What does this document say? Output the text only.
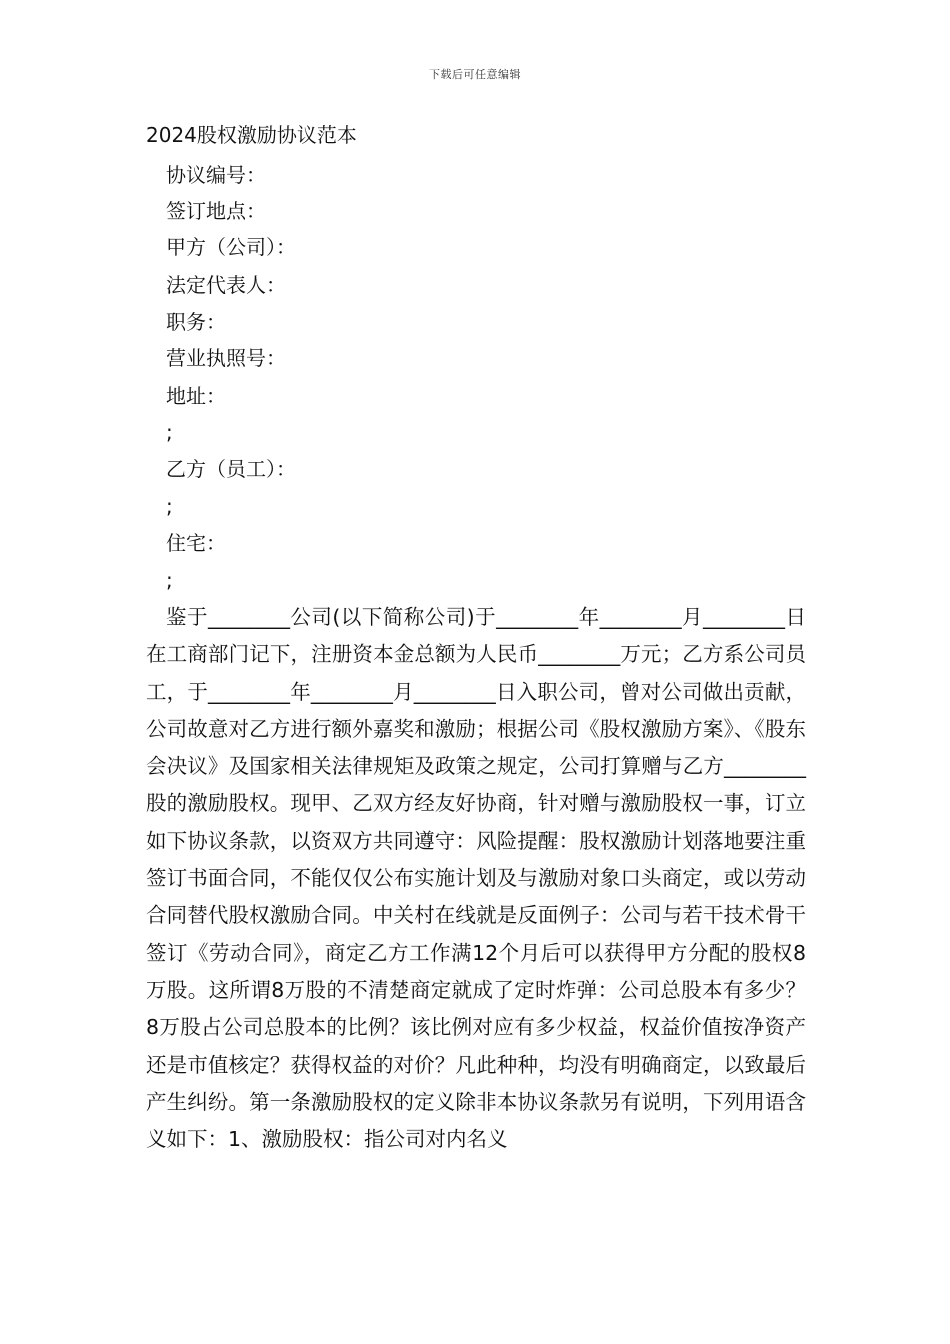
下载后可任意编辑
2024股权激励协议范本
协议编号：
签订地点：
甲方（公司）：
法定代表人：
职务：
营业执照号：
地址：
;
乙方（员工）：
;
住宅：
;
鉴于________公司(以下简称公司)于________年________月________日在工商部门记下，注册资本金总额为人民币________万元；乙方系公司员工，于________年________月________日入职公司，曾对公司做出贡献，公司故意对乙方进行额外嘉奖和激励；根据公司《股权激励方案》、《股东会决议》及国家相关法律规矩及政策之规定，公司打算赠与乙方________股的激励股权。现甲、乙双方经友好协商，针对赠与激励股权一事，订立如下协议条款，以资双方共同遵守：风险提醒：股权激励计划落地要注重签订书面合同，不能仅仅公布实施计划及与激励对象口头商定，或以劳动合同替代股权激励合同。中关村在线就是反面例子：公司与若干技术骨干签订《劳动合同》，商定乙方工作满12个月后可以获得甲方分配的股权8万股。这所谓8万股的不清楚商定就成了定时炸弹：公司总股本有多少？8万股占公司总股本的比例？该比例对应有多少权益，权益价值按净资产还是市值核定？获得权益的对价？凡此种种，均没有明确商定，以致最后产生纠纷。第一条激励股权的定义除非本协议条款另有说明，下列用语含义如下：1、激励股权：指公司对内名义
